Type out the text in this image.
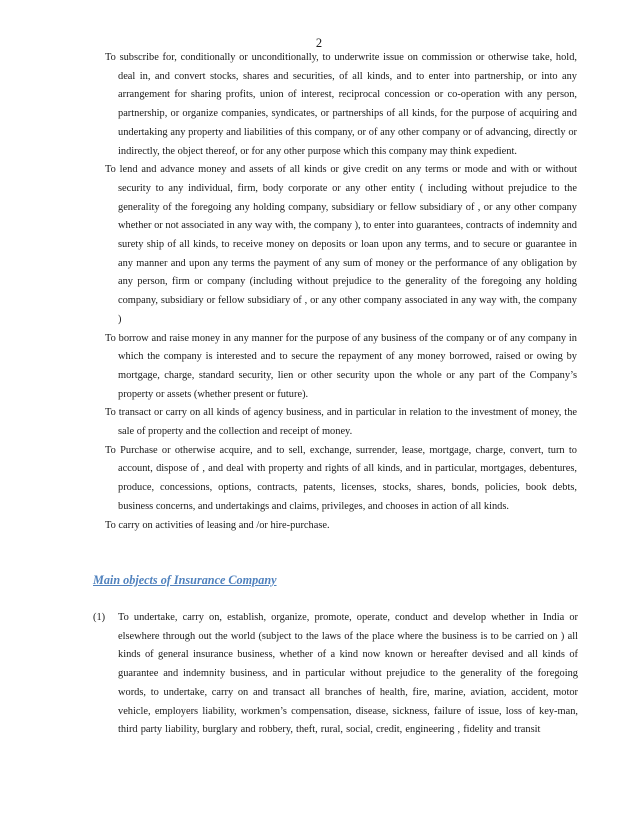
2
To subscribe for, conditionally or unconditionally, to underwrite issue on commission or otherwise take, hold, deal in, and convert stocks, shares and securities, of all kinds, and to enter into partnership, or into any arrangement for sharing profits, union of interest, reciprocal concession or co-operation with any person, partnership, or organize companies, syndicates, or partnerships of all kinds, for the purpose of acquiring and undertaking any property and liabilities of this company, or of any other company or of advancing, directly or indirectly, the object thereof, or for any other purpose which this company may think expedient.
To lend and advance money and assets of all kinds or give credit on any terms or mode and with or without security to any individual, firm, body corporate or any other entity ( including without prejudice to the generality of the foregoing any holding company, subsidiary or fellow subsidiary of , or any other company whether or not associated in any way with, the company ), to enter into guarantees, contracts of indemnity and surety ship of all kinds, to receive money on deposits or loan upon any terms, and to secure or guarantee in any manner and upon any terms the payment of any sum of money or the performance of any obligation by any person, firm or company (including without prejudice to the generality of the foregoing any holding company, subsidiary or fellow subsidiary of , or any other company associated in any way with, the company )
To borrow and raise money in any manner for the purpose of any business of the company or of any company in which the company is interested and to secure the repayment of any money borrowed, raised or owing by mortgage, charge, standard security, lien or other security upon the whole or any part of the Company’s property or assets (whether present or future).
To transact or carry on all kinds of agency business, and in particular in relation to the investment of money, the sale of property and the collection and receipt of money.
To Purchase or otherwise acquire, and to sell, exchange, surrender, lease, mortgage, charge, convert, turn to account, dispose of , and deal with property and rights of all kinds, and in particular, mortgages, debentures, produce, concessions, options, contracts, patents, licenses, stocks, shares, bonds, policies, book debts, business concerns, and undertakings and claims, privileges, and chooses in action of all kinds.
To carry on activities of leasing and /or hire-purchase.
Main objects of Insurance Company
(1) To undertake, carry on, establish, organize, promote, operate, conduct and develop whether in India or elsewhere through out the world (subject to the laws of the place where the business is to be carried on ) all kinds of general insurance business, whether of a kind now known or hereafter devised and all kinds of guarantee and indemnity business, and in particular without prejudice to the generality of the foregoing words, to undertake, carry on and transact all branches of health, fire, marine, aviation, accident, motor vehicle, employers liability, workmen’s compensation, disease, sickness, failure of issue, loss of key-man, third party liability, burglary and robbery, theft, rural, social, credit, engineering , fidelity and transit
